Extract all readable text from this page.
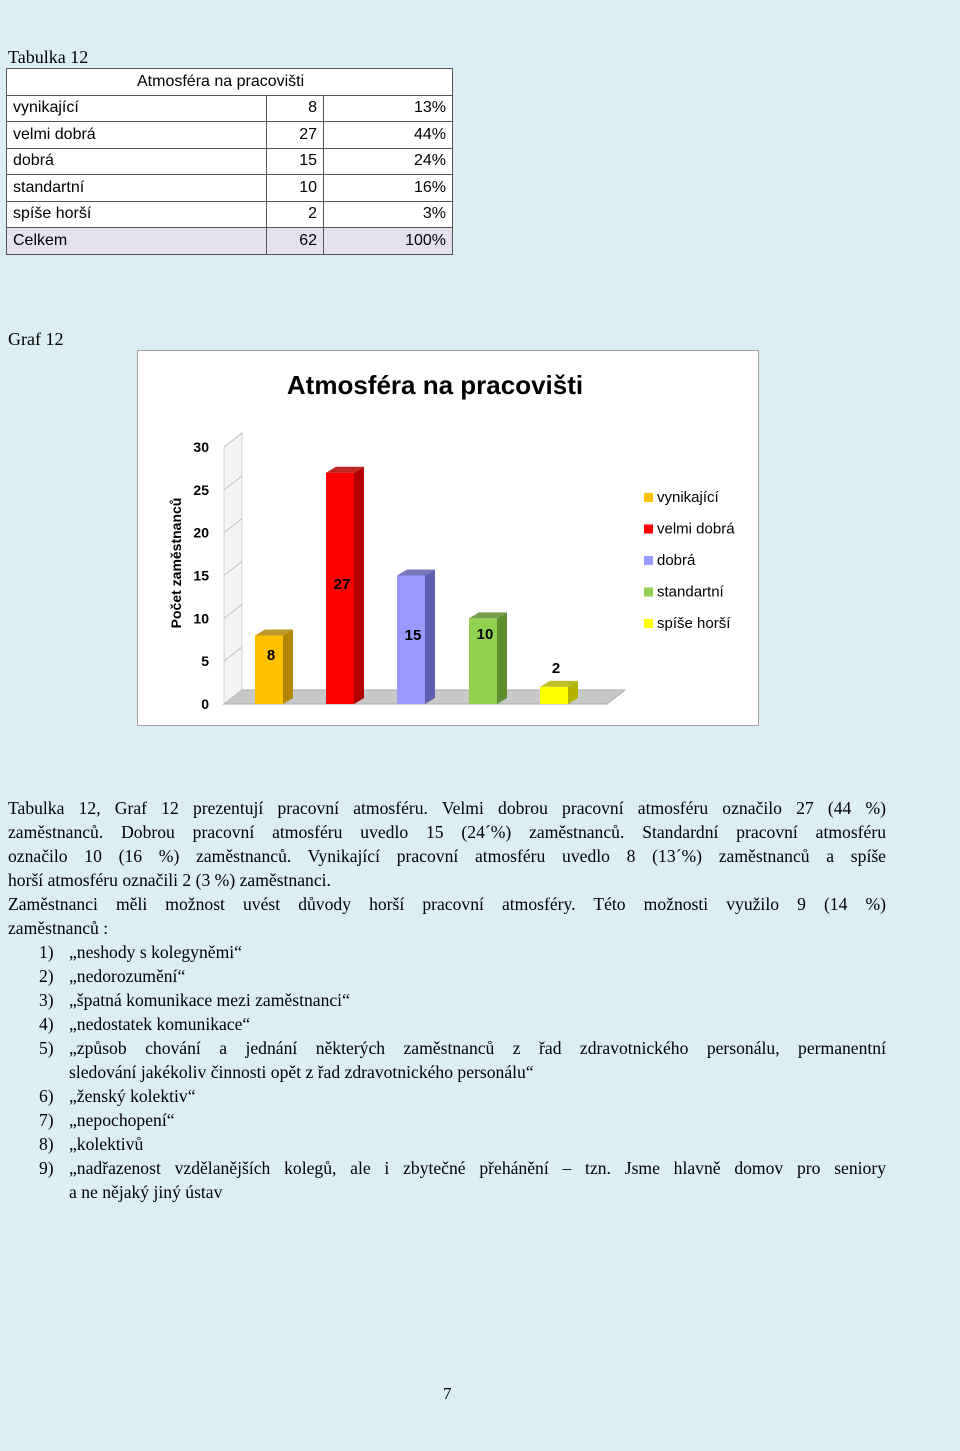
Tabulka 12
Atmosféra na pracovišti		
vynikající	8	13%
velmi dobrá	27	44%
dobrá	15	24%
standartní	10	16%
spíše horší	2	3%
Celkem	62	100%
Graf 12
Atmosféra na pracovišti
Počet zaměstnanců
0
5
10
15
20
25
30
8
27
15	10
2
vynikající
velmi dobrá
dobrá
standartní
spíše horší
Tabulka 12, Graf 12 prezentují pracovní atmosféru. Velmi dobrou pracovní atmosféru označilo 27 (44 %)
zaměstnanců. Dobrou pracovní atmosféru uvedlo 15 (24´%) zaměstnanců. Standardní pracovní atmosféru
označilo 10 (16 %) zaměstnanců. Vynikající pracovní atmosféru uvedlo 8 (13´%) zaměstnanců a spíše
horší atmosféru označili 2 (3 %) zaměstnanci.
Zaměstnanci měli možnost uvést důvody horší pracovní atmosféry. Této možnosti využilo 9 (14 %)
zaměstnanců :
1) „neshody s kolegyněmi“
2) „nedorozumění“
3) „špatná komunikace mezi zaměstnanci“
4) „nedostatek komunikace“
5) „způsob chování a jednání některých zaměstnanců z řad zdravotnického personálu, permanentní
sledování jakékoliv činnosti opět z řad zdravotnického personálu“
6) „ženský kolektiv“
7) „nepochopení“
8) „kolektivů
9) „nadřazenost vzdělanějších kolegů, ale i zbytečné přehánění – tzn. Jsme hlavně domov pro seniory
a ne nějaký jiný ústav
7
